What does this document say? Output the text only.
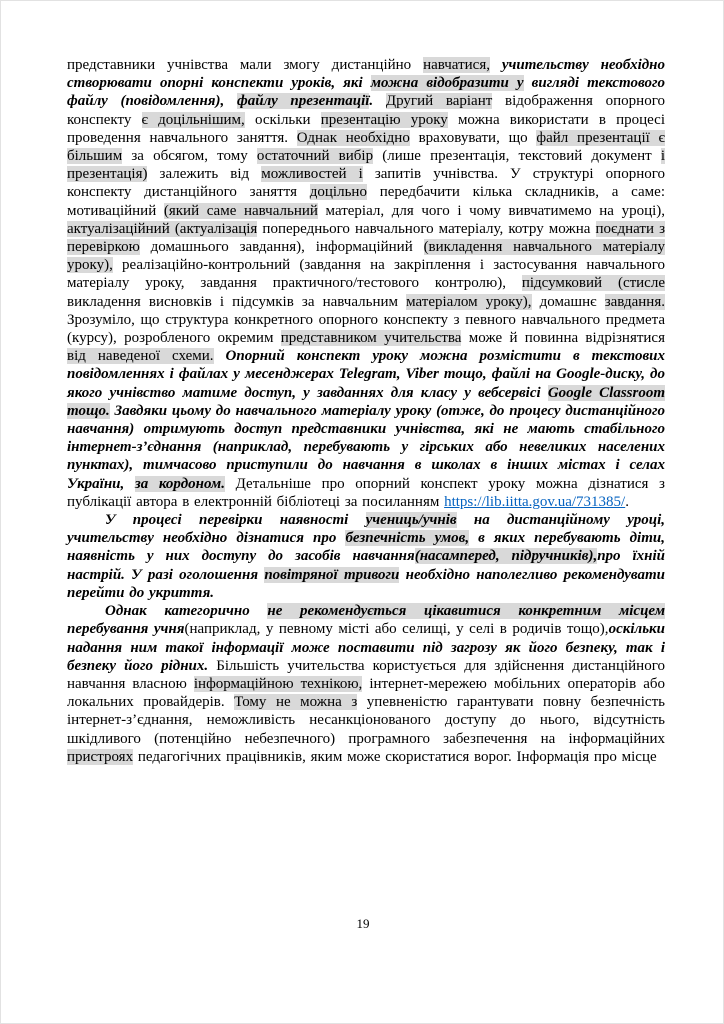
представники учнівства мали змогу дистанційно навчатися, учительству необхідно створювати опорні конспекти уроків, які можна відобразити у вигляді текстового файлу (повідомлення), файлу презентації. Другий варіант відображення опорного конспекту є доцільнішим, оскільки презентацію уроку можна використати в процесі проведення навчального заняття. Однак необхідно враховувати, що файл презентації є більшим за обсягом, тому остаточний вибір (лише презентація, текстовий документ і презентація) залежить від можливостей і запитів учнівства. У структурі опорного конспекту дистанційного заняття доцільно передбачити кілька складників, а саме: мотиваційний (який саме навчальний матеріал, для чого і чому вивчатимемо на уроці), актуалізаційний (актуалізація попереднього навчального матеріалу, котру можна поєднати з перевіркою домашнього завдання), інформаційний (викладення навчального матеріалу уроку), реалізаційно-контрольний (завдання на закріплення і застосування навчального матеріалу уроку, завдання практичного/тестового контролю), підсумковий (стисле викладення висновків і підсумків за навчальним матеріалом уроку), домашнє завдання. Зрозуміло, що структура конкретного опорного конспекту з певного навчального предмета (курсу), розробленого окремим представником учительства може й повинна відрізнятися від наведеної схеми. Опорний конспект уроку можна розмістити в текстових повідомленнях і файлах у месенджерах Telegram, Viber тощо, файлі на Google-диску, до якого учнівство матиме доступ, у завданнях для класу у вебсервісі Google Classroom тощо. Завдяки цьому до навчального матеріалу уроку (отже, до процесу дистанційного навчання) отримують доступ представники учнівства, які не мають стабільного інтернет-з’єднання (наприклад, перебувають у гірських або невеликих населених пунктах), тимчасово приступили до навчання в школах в інших містах і селах України, за кордоном. Детальніше про опорний конспект уроку можна дізнатися з публікації автора в електронній бібліотеці за посиланням https://lib.iitta.gov.ua/731385/.

У процесі перевірки наявності учениць/учнів на дистанційному уроці, учительству необхідно дізнатися про безпечність умов, в яких перебувають діти, наявність у них доступу до засобів навчання(насамперед, підручників),про їхній настрій. У разі оголошення повітряної тривоги необхідно наполегливо рекомендувати перейти до укриття.

Однак категорично не рекомендується цікавитися конкретним місцем перебування учня(наприклад, у певному місті або селищі, у селі в родичів тощо),оскільки надання ним такої інформації може поставити під загрозу як його безпеку, так і безпеку його рідних. Більшість учительства користується для здійснення дистанційного навчання власною інформаційною технікою, інтернет-мережею мобільних операторів або локальних провайдерів. Тому не можна з упевненістю гарантувати повну безпечність інтернет-з’єднання, неможливість несанкціонованого доступу до нього, відсутність шкідливого (потенційно небезпечного) програмного забезпечення на інформаційних пристроях педагогічних працівників, яким може скористатися ворог. Інформація про місце

19
